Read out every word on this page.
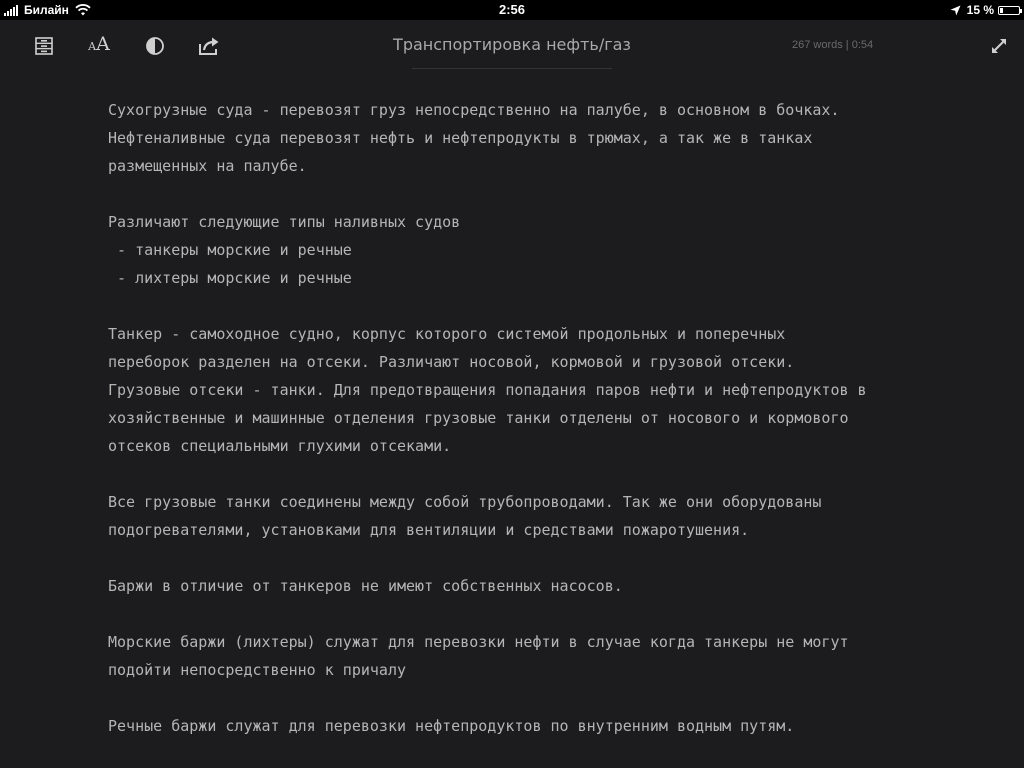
Билайн	2:56	15 %
A A	Транспортировка нефть/газ	267 words | 0:54
Сухогрузные суда - перевозят груз непосредственно на палубе, в основном в бочках.
Нефтеналивные суда перевозят нефть и нефтепродукты в трюмах, а так же в танках
размещенных на палубе.
Различают следующие типы наливных судов
- танкеры морские и речные
- лихтеры морские и речные
Танкер - самоходное судно, корпус которого системой продольных и поперечных
переборок разделен на отсеки. Различают носовой, кормовой и грузовой отсеки.
Грузовые отсеки - танки. Для предотвращения попадания паров нефти и нефтепродуктов в
хозяйственные и машинные отделения грузовые танки отделены от носового и кормового
отсеков специальными глухими отсеками.
Все грузовые танки соединены между собой трубопроводами. Так же они оборудованы
подогревателями, установками для вентиляции и средствами пожаротушения.
Баржи в отличие от танкеров не имеют собственных насосов.
Морские баржи (лихтеры) служат для перевозки нефти в случае когда танкеры не могут
подойти непосредственно к причалу
Речные баржи служат для перевозки нефтепродуктов по внутренним водным путям.
